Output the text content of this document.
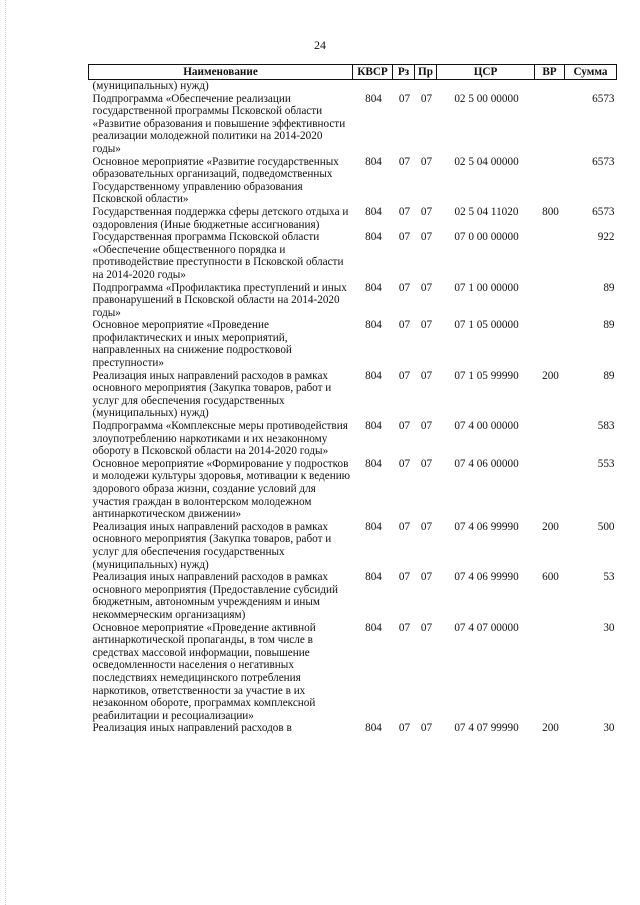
24
Наименование	КВСР	Рз	Пр	ЦСР	ВР	Сумма
(муниципальных) нужд)						
Подпрограмма «Обеспечение реализации государственной программы Псковской области «Развитие образования и повышение эффективности реализации молодежной политики на 2014-2020 годы»	804	07	07	02 5 00 00000		6573
Основное мероприятие «Развитие государственных образовательных организаций, подведомственных Государственному управлению образования Псковской области»	804	07	07	02 5 04 00000		6573
Государственная поддержка сферы детского отдыха и оздоровления (Иные бюджетные ассигнования)	804	07	07	02 5 04 11020	800	6573
Государственная программа Псковской области «Обеспечение общественного порядка и противодействие преступности в Псковской области на 2014-2020 годы»	804	07	07	07 0 00 00000		922
Подпрограмма «Профилактика преступлений и иных правонарушений в Псковской области на 2014-2020 годы»	804	07	07	07 1 00 00000		89
Основное мероприятие «Проведение профилактических и иных мероприятий, направленных на снижение подростковой преступности»	804	07	07	07 1 05 00000		89
Реализация иных направлений расходов в рамках основного мероприятия (Закупка товаров, работ и услуг для обеспечения государственных (муниципальных) нужд)	804	07	07	07 1 05 99990	200	89
Подпрограмма «Комплексные меры противодействия злоупотреблению наркотиками и их незаконному обороту в Псковской области на 2014-2020 годы»	804	07	07	07 4 00 00000		583
Основное мероприятие «Формирование у подростков и молодежи культуры здоровья, мотивации к ведению здорового образа жизни, создание условий для участия граждан в волонтерском молодежном антинаркотическом движении»	804	07	07	07 4 06 00000		553
Реализация иных направлений расходов в рамках основного мероприятия (Закупка товаров, работ и услуг для обеспечения государственных (муниципальных) нужд)	804	07	07	07 4 06 99990	200	500
Реализация иных направлений расходов в рамках основного мероприятия (Предоставление субсидий бюджетным, автономным учреждениям и иным некоммерческим организациям)	804	07	07	07 4 06 99990	600	53
Основное мероприятие «Проведение активной антинаркотической пропаганды, в том числе в средствах массовой информации, повышение осведомленности населения о негативных последствиях немедицинского потребления наркотиков, ответственности за участие в их незаконном обороте, программах комплексной реабилитации и ресоциализации»	804	07	07	07 4 07 00000		30
Реализация иных направлений расходов в	804	07	07	07 4 07 99990	200	30
